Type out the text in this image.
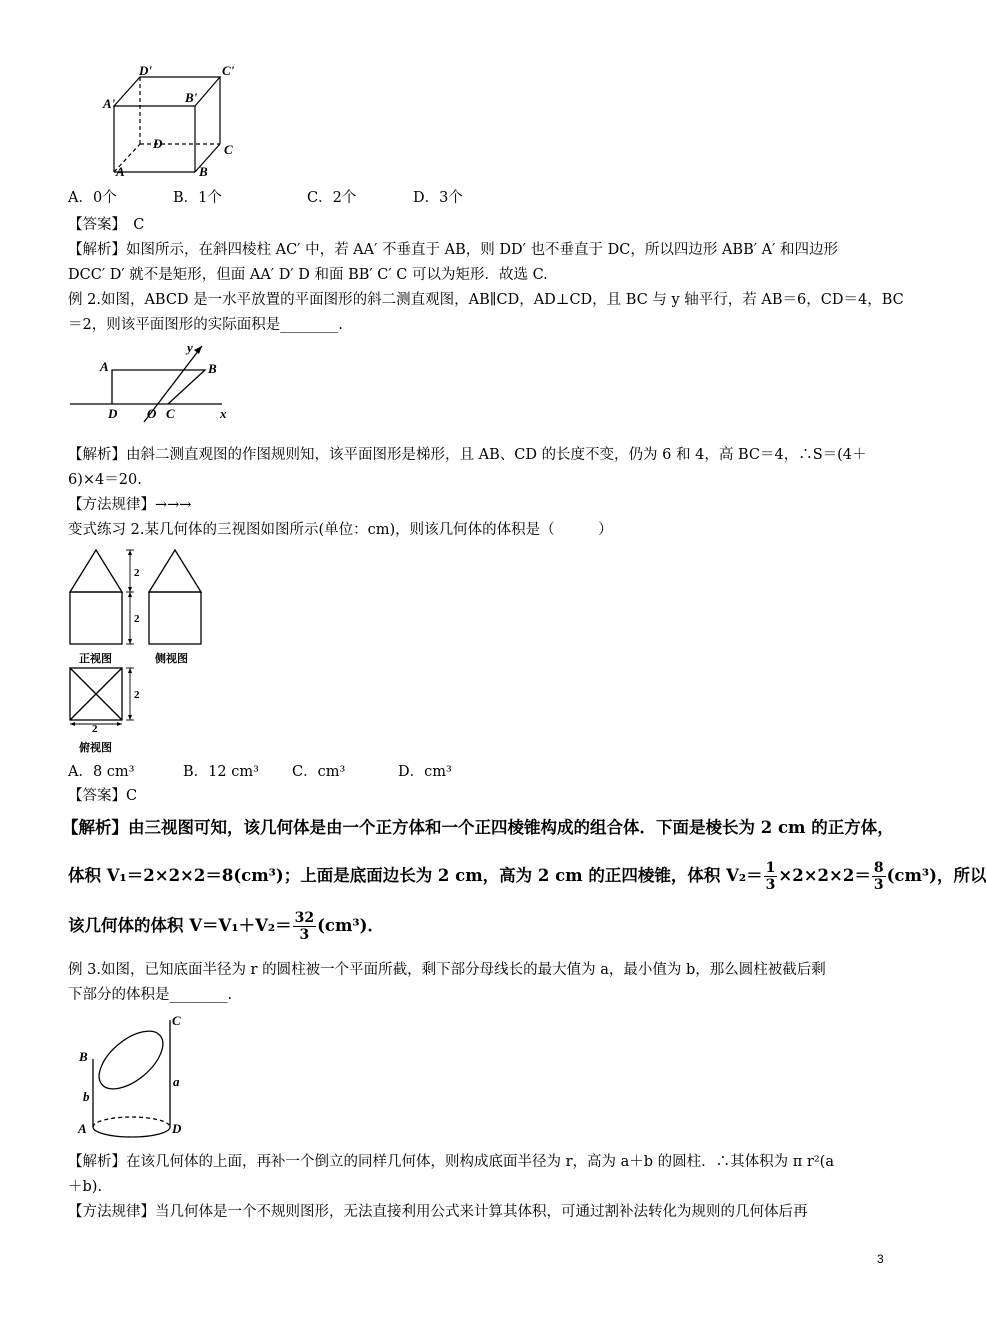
D'	C'
A'	B'
D	C
A	B
A．0个	B．1个	C．2个	D．3个
【答案】　C
【解析】如图所示，在斜四棱柱 AC′ 中，若 AA′ 不垂直于 AB，则 DD′ 也不垂直于 DC，所以四边形 ABB′ A′ 和四边形
DCC′ D′ 就不是矩形，但面 AA′ D′ D 和面 BB′ C′ C 可以为矩形．故选 C.
例 2.如图，ABCD 是一水平放置的平面图形的斜二测直观图，AB∥CD，AD⊥CD，且 BC 与 y 轴平行，若 AB＝6，CD＝4，BC
＝2，则该平面图形的实际面积是________.
A	B
D O C	x
y
【解析】由斜二测直观图的作图规则知，该平面图形是梯形，且 AB、CD 的长度不变，仍为 6 和 4，高 BC＝4，∴S＝(4＋
6)×4＝20.
【方法规律】→→→
变式练习 2.某几何体的三视图如图所示(单位：cm)，则该几何体的体积是（　　　）
2
2
2
2
正视图	侧视图
俯视图
A．8 cm³	B．12 cm³ C．cm³	D．cm³
【答案】C
【解析】由三视图可知，该几何体是由一个正方体和一个正四棱锥构成的组合体．下面是棱长为 2 cm 的正方体，
体积 V₁＝2×2×2＝8(cm³)；上面是底面边长为 2 cm，高为 2 cm 的正四棱锥，体积 $V_2= \frac{1}{3} \times 2\times 2\times 2= \frac{8}{3} (cm^3)$，所以
该几何体的体积 $V=V_1+V_2= \frac{32}{3} (cm^3)$．
例 3.如图，已知底面半径为 r 的圆柱被一个平面所截，剩下部分母线长的最大值为 a，最小值为 b，那么圆柱被截后剩
下部分的体积是________.
C
B
a
b
A	D
【解析】在该几何体的上面，再补一个倒立的同样几何体，则构成底面半径为 r，高为 a＋b 的圆柱．∴其体积为 π r²(a
＋b).
【方法规律】当几何体是一个不规则图形，无法直接利用公式来计算其体积，可通过割补法转化为规则的几何体后再
3
